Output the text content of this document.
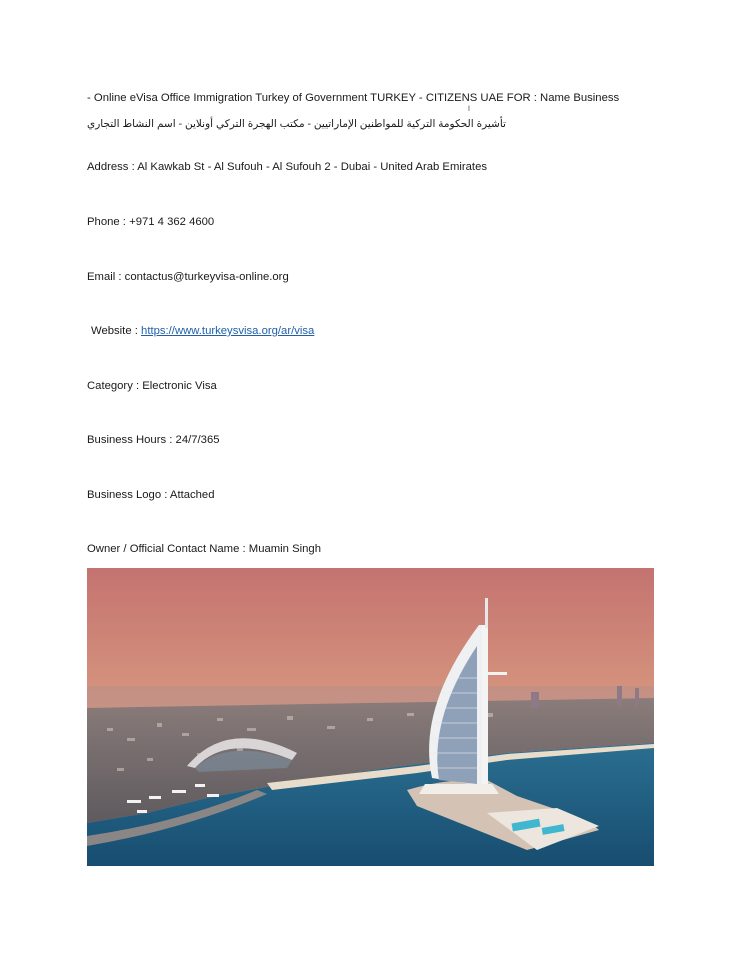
- Online eVisa Office Immigration Turkey of Government TURKEY - CITIZENS UAE FOR : Name Business

ا

تأشيرة الحكومة التركية للمواطنين الإماراتيين - مكتب الهجرة التركي أونلاين - اسم النشاط التجاري

Address : Al Kawkab St - Al Sufouh - Al Sufouh 2 - Dubai - United Arab Emirates

Phone : +971 4 362 4600

Email : contactus@turkeyvisa-online.org

Website : https://www.turkeysvisa.org/ar/visa

Category : Electronic Visa

Business Hours : 24/7/365

Business Logo : Attached

Owner / Official Contact Name : Muamin Singh
